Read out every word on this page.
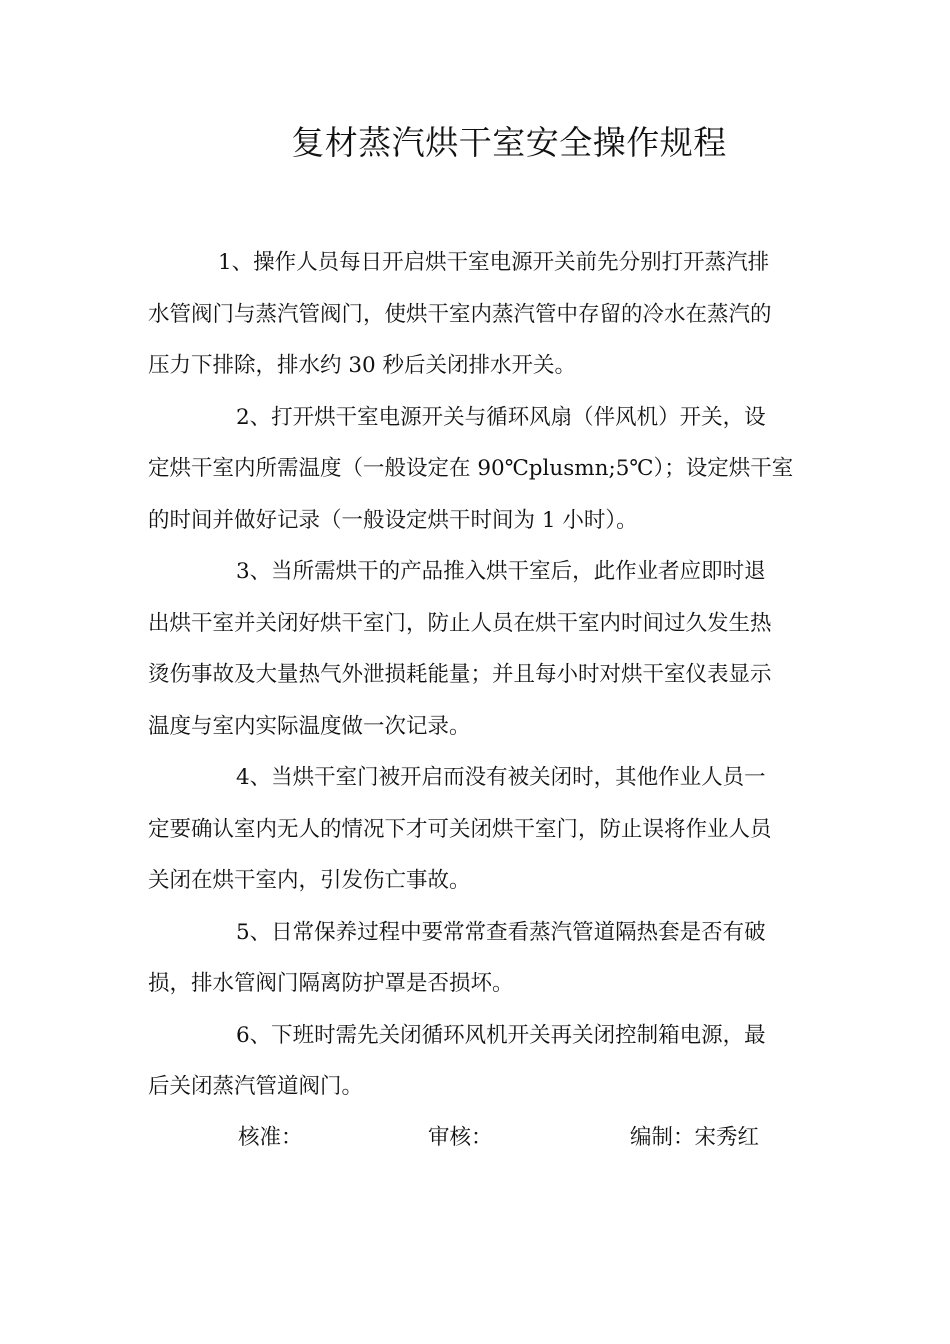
复材蒸汽烘干室安全操作规程

1、操作人员每日开启烘干室电源开关前先分别打开蒸汽排
水管阀门与蒸汽管阀门，使烘干室内蒸汽管中存留的冷水在蒸汽的
压力下排除，排水约 30 秒后关闭排水开关。

2、打开烘干室电源开关与循环风扇（伴风机）开关，设
定烘干室内所需温度（一般设定在 90℃plusmn;5℃）；设定烘干室
的时间并做好记录（一般设定烘干时间为 1 小时）。

3、当所需烘干的产品推入烘干室后，此作业者应即时退
出烘干室并关闭好烘干室门，防止人员在烘干室内时间过久发生热
烫伤事故及大量热气外泄损耗能量；并且每小时对烘干室仪表显示
温度与室内实际温度做一次记录。

4、当烘干室门被开启而没有被关闭时，其他作业人员一
定要确认室内无人的情况下才可关闭烘干室门，防止误将作业人员
关闭在烘干室内，引发伤亡事故。

5、日常保养过程中要常常查看蒸汽管道隔热套是否有破
损，排水管阀门隔离防护罩是否损坏。

6、下班时需先关闭循环风机开关再关闭控制箱电源，最
后关闭蒸汽管道阀门。

核准：	审核：	编制：宋秀红
